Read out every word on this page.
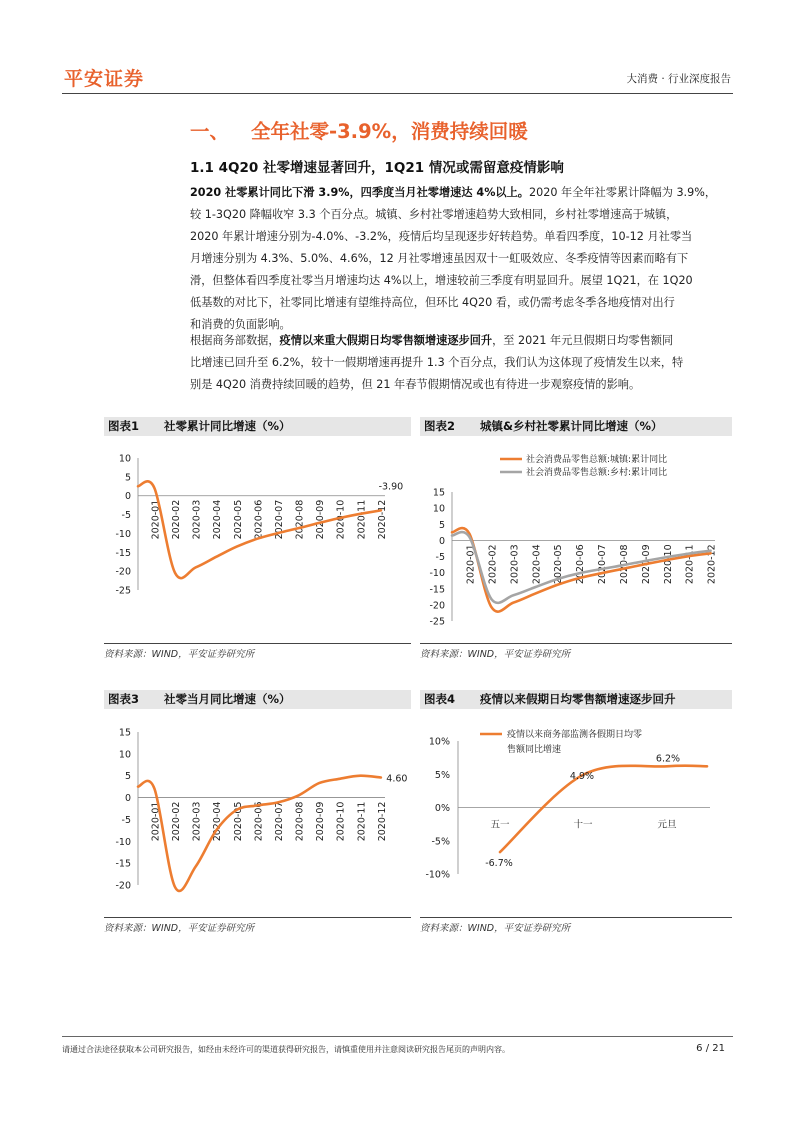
平安证券	大消费 · 行业深度报告
一、 全年社零-3.9%，消费持续回暖
1.1 4Q20 社零增速显著回升，1Q21 情况或需留意疫情影响
2020 社零累计同比下滑 3.9%，四季度当月社零增速达 4%以上。2020 年全年社零累计降幅为 3.9%，
较 1-3Q20 降幅收窄 3.3 个百分点。城镇、乡村社零增速趋势大致相同，乡村社零增速高于城镇，
2020 年累计增速分别为-4.0%、-3.2%，疫情后均呈现逐步好转趋势。单看四季度，10-12 月社零当
月增速分别为 4.3%、5.0%、4.6%，12 月社零增速虽因双十一虹吸效应、冬季疫情等因素而略有下
滑，但整体看四季度社零当月增速均达 4%以上，增速较前三季度有明显回升。展望 1Q21，在 1Q20
低基数的对比下，社零同比增速有望维持高位，但环比 4Q20 看，或仍需考虑冬季各地疫情对出行
和消费的负面影响。
根据商务部数据，疫情以来重大假期日均零售额增速逐步回升，至 2021 年元旦假期日均零售额同
比增速已回升至 6.2%，较十一假期增速再提升 1.3 个百分点，我们认为这体现了疫情发生以来，特
别是 4Q20 消费持续回暖的趋势，但 21 年春节假期情况或也有待进一步观察疫情的影响。
图表1 社零累计同比增速（%）	图表2 城镇&乡村社零累计同比增速（%）
图表3 社零当月同比增速（%）	图表4 疫情以来假期日均零售额增速逐步回升
资料来源：WIND，平安证券研究所	资料来源：WIND，平安证券研究所
资料来源：WIND，平安证券研究所	资料来源：WIND，平安证券研究所
10
5
0
-5
-10
-15
-20
-25
2020-01 2020-02 2020-03 2020-04 2020-05 2020-06 2020-07 2020-08 2020-09 2020-10 2020-11 2020-12
-3.90
15
10
5
0
-5
-10
-15
-20
-25
2020-01 2020-02 2020-03 2020-04 2020-05 2020-06 2020-07 2020-08 2020-09 2020-10 2020-11 2020-12
社会消费品零售总额:城镇:累计同比
社会消费品零售总额:乡村:累计同比
15
10
5
0
-5
-10
-15
-20
2020-01 2020-02 2020-03 2020-04 2020-05 2020-06 2020-07 2020-08 2020-09 2020-10 2020-11 2020-12
4.60
10%
5%
0%
-5%
-10%
五一	十一	元旦
-6.7%
4.9%
6.2%
疫情以来商务部监测各假期日均零
售额同比增速
请通过合法途径获取本公司研究报告，如经由未经许可的渠道获得研究报告，请慎重使用并注意阅读研究报告尾页的声明内容。	6 / 21
